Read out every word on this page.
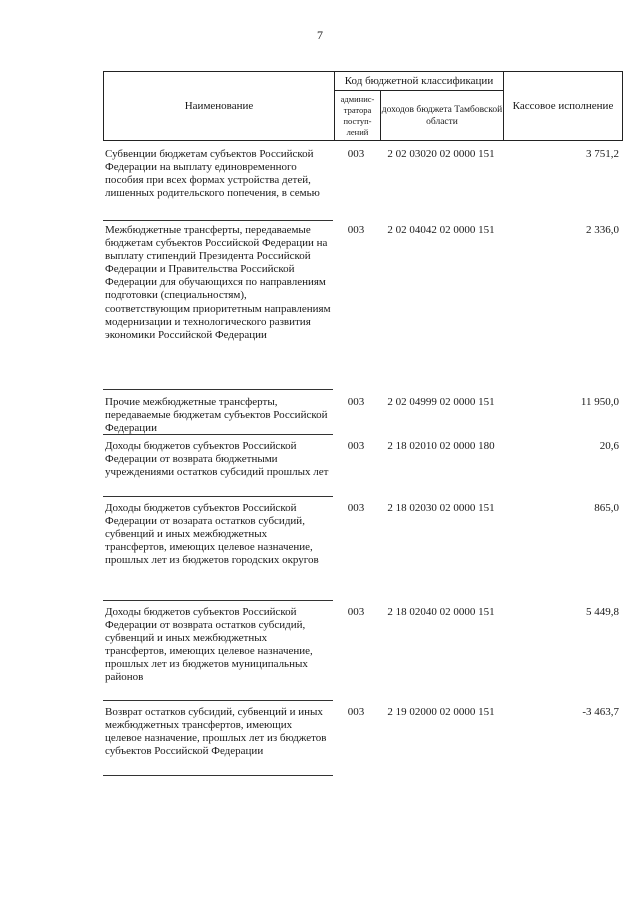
7
Наименование
Код бюджетной классификации
админис-тратора поступ-лений
доходов бюджета Тамбовской области
Кассовое исполнение
Субвенции бюджетам субъектов Российской Федерации на выплату единовременного пособия при всех формах устройства детей, лишенных родительского попечения, в семью
003	2 02 03020 02 0000 151	3 751,2
Межбюджетные трансферты, передаваемые бюджетам субъектов Российской Федерации на выплату стипендий Президента Российской Федерации и Правительства Российской Федерации для обучающихся по направлениям подготовки (специальностям), соответствующим приоритетным направлениям модернизации и технологического развития экономики Российской Федерации
003	2 02 04042 02 0000 151	2 336,0
Прочие межбюджетные трансферты, передаваемые бюджетам субъектов Российской Федерации
003	2 02 04999 02 0000 151	11 950,0
Доходы бюджетов субъектов Российской Федерации от возврата бюджетными учреждениями остатков субсидий прошлых лет
003	2 18 02010 02 0000 180	20,6
Доходы бюджетов субъектов Российской Федерации от возарата остатков субсидий, субвенций и иных межбюджетных трансфертов, имеющих целевое назначение, прошлых лет из бюджетов городских округов
003	2 18 02030 02 0000 151	865,0
Доходы бюджетов субъектов Российской Федерации от возврата остатков субсидий, субвенций и иных межбюджетных трансфертов, имеющих целевое назначение, прошлых лет из бюджетов муниципальных районов
003	2 18 02040 02 0000 151	5 449,8
Возврат остатков субсидий, субвенций и иных межбюджетных трансфертов, имеющих целевое назначение, прошлых лет из бюджетов субъектов Российской Федерации
003	2 19 02000 02 0000 151	-3 463,7
